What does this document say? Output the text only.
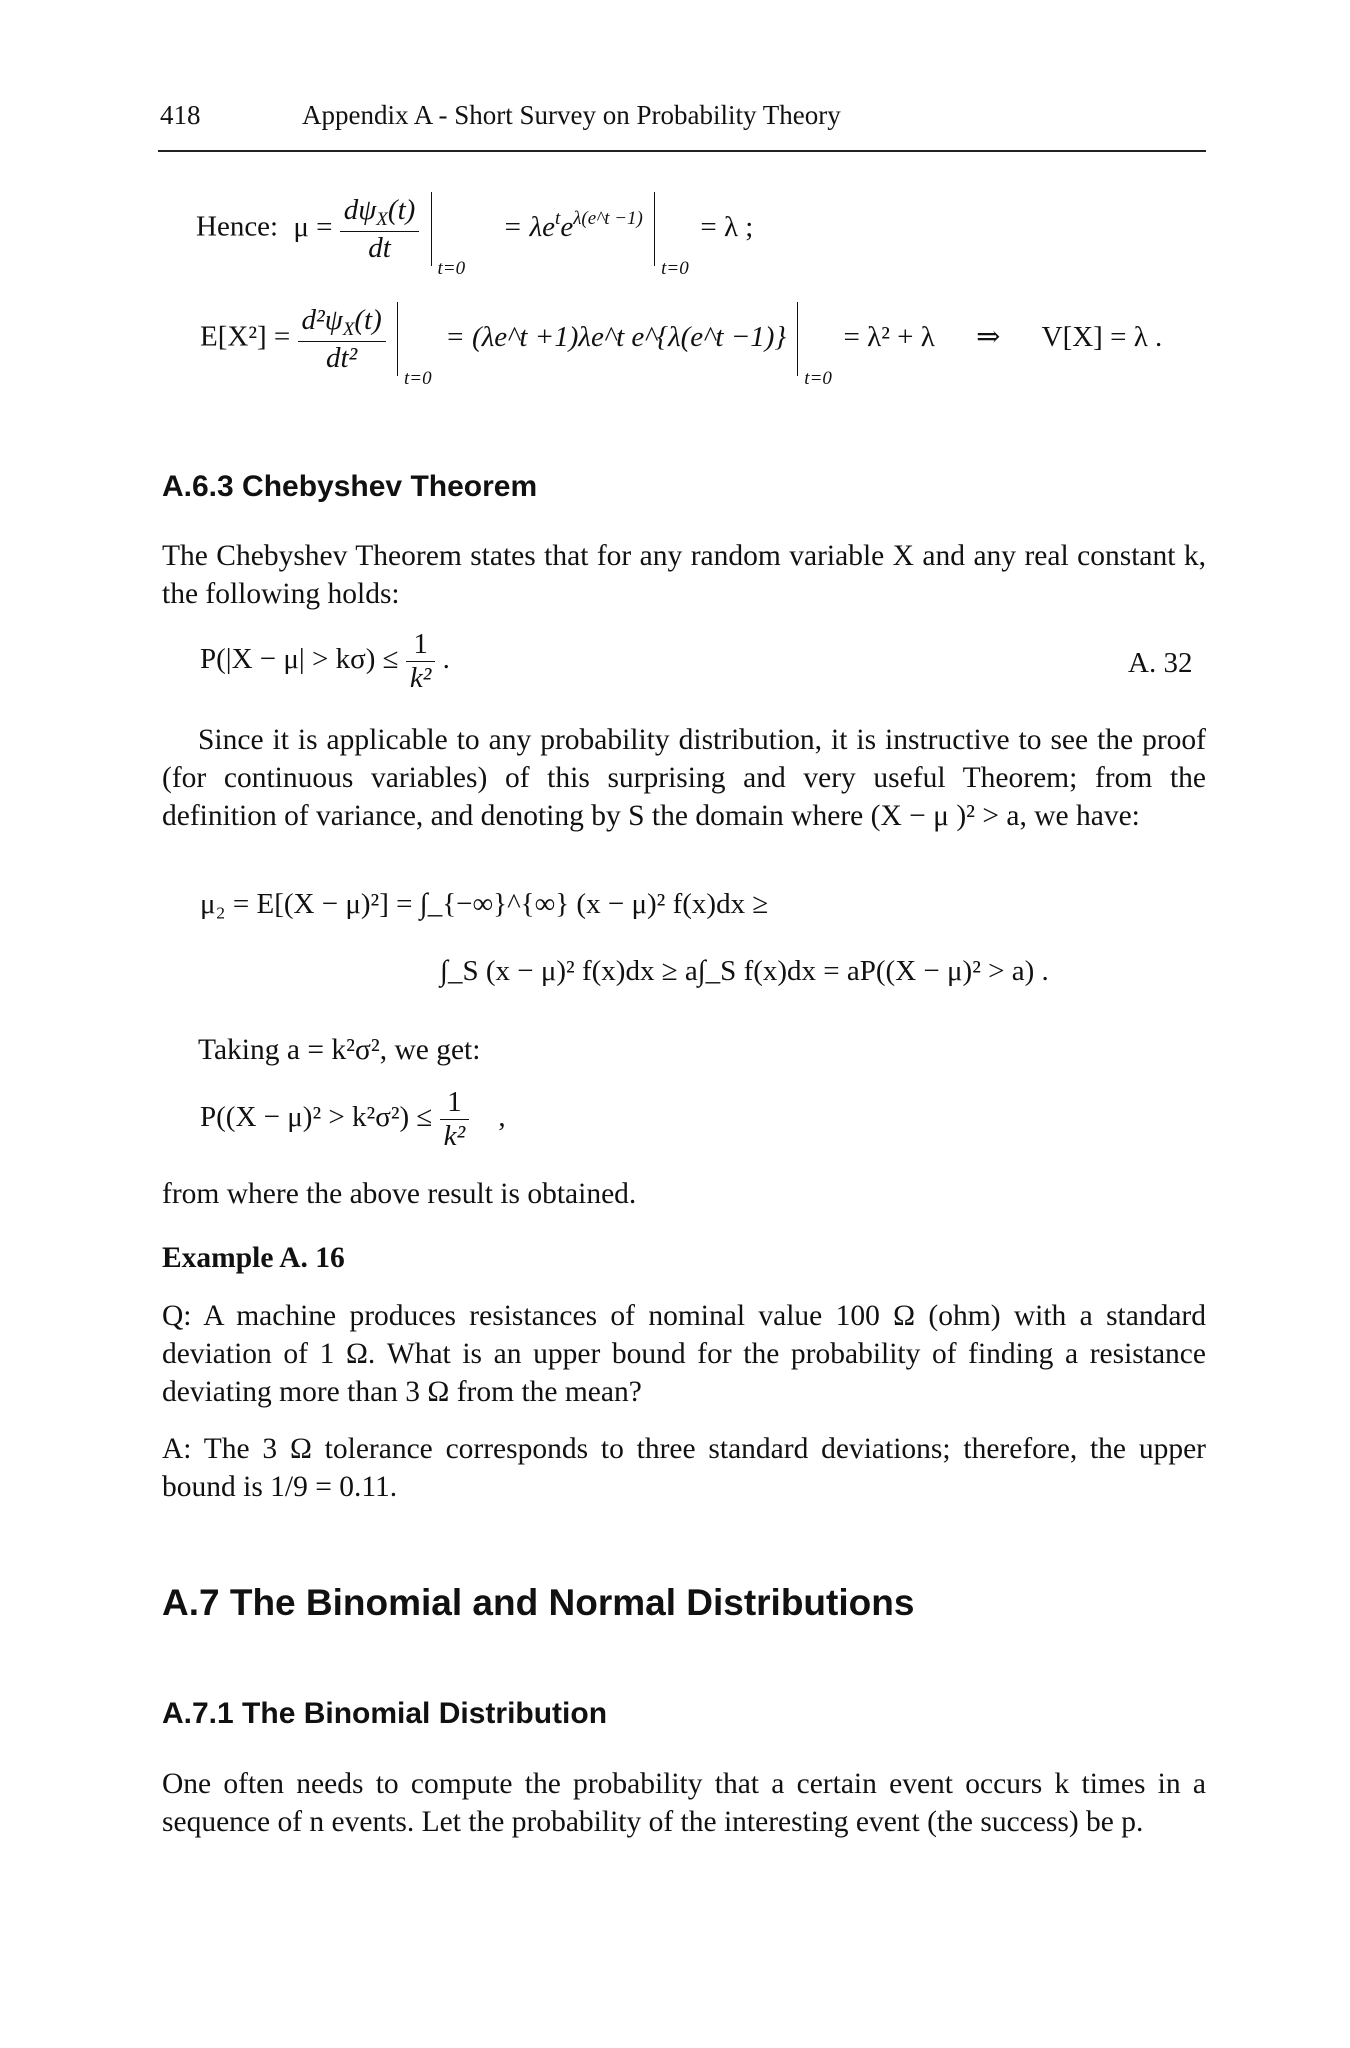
418	Appendix A - Short Survey on Probability Theory
Hence: $\mu = \frac{d\psi_X(t)}{dt}$

t=0
= $\lambda e^te^{\lambda(e\^{}t -1)}$
t=0
= λ ;
$E[X^2] = \frac{d^2\psi_X(t)}{\text{dt²}}$

t=0
= (λe^t +1)λe^t e^{λ(e^t −1)}
t=0
= λ² + λ ⇒ V[X] = λ .
A.6.3 Chebyshev Theorem
The Chebyshev Theorem states that for any random variable X and any real constant k, the following holds:
$P(|X - \mu| > k\sigma) \le \frac{1}{\text{k²}}$ .	A. 32
Since it is applicable to any probability distribution, it is instructive to see the proof (for continuous variables) of this surprising and very useful Theorem; from the definition of variance, and denoting by S the domain where (X − μ )² > a, we have:
μ₂ = E[(X − μ)²] = ∫_{−∞}^{∞} (x − μ)² f(x)dx ≥
∫_S (x − μ)² f(x)dx ≥ a∫_S f(x)dx = aP((X − μ)² > a) .
Taking a = k²σ², we get:
$P((X - \mu)^2 > k^2\sigma^2) \le \frac{1}{\text{k²}}$ ,
from where the above result is obtained.
Example A. 16
Q: A machine produces resistances of nominal value 100 Ω (ohm) with a standard deviation of 1 Ω. What is an upper bound for the probability of finding a resistance deviating more than 3 Ω from the mean?
A: The 3 Ω tolerance corresponds to three standard deviations; therefore, the upper bound is 1/9 = 0.11.
A.7 The Binomial and Normal Distributions
A.7.1 The Binomial Distribution
One often needs to compute the probability that a certain event occurs k times in a sequence of n events. Let the probability of the interesting event (the success) be p.
